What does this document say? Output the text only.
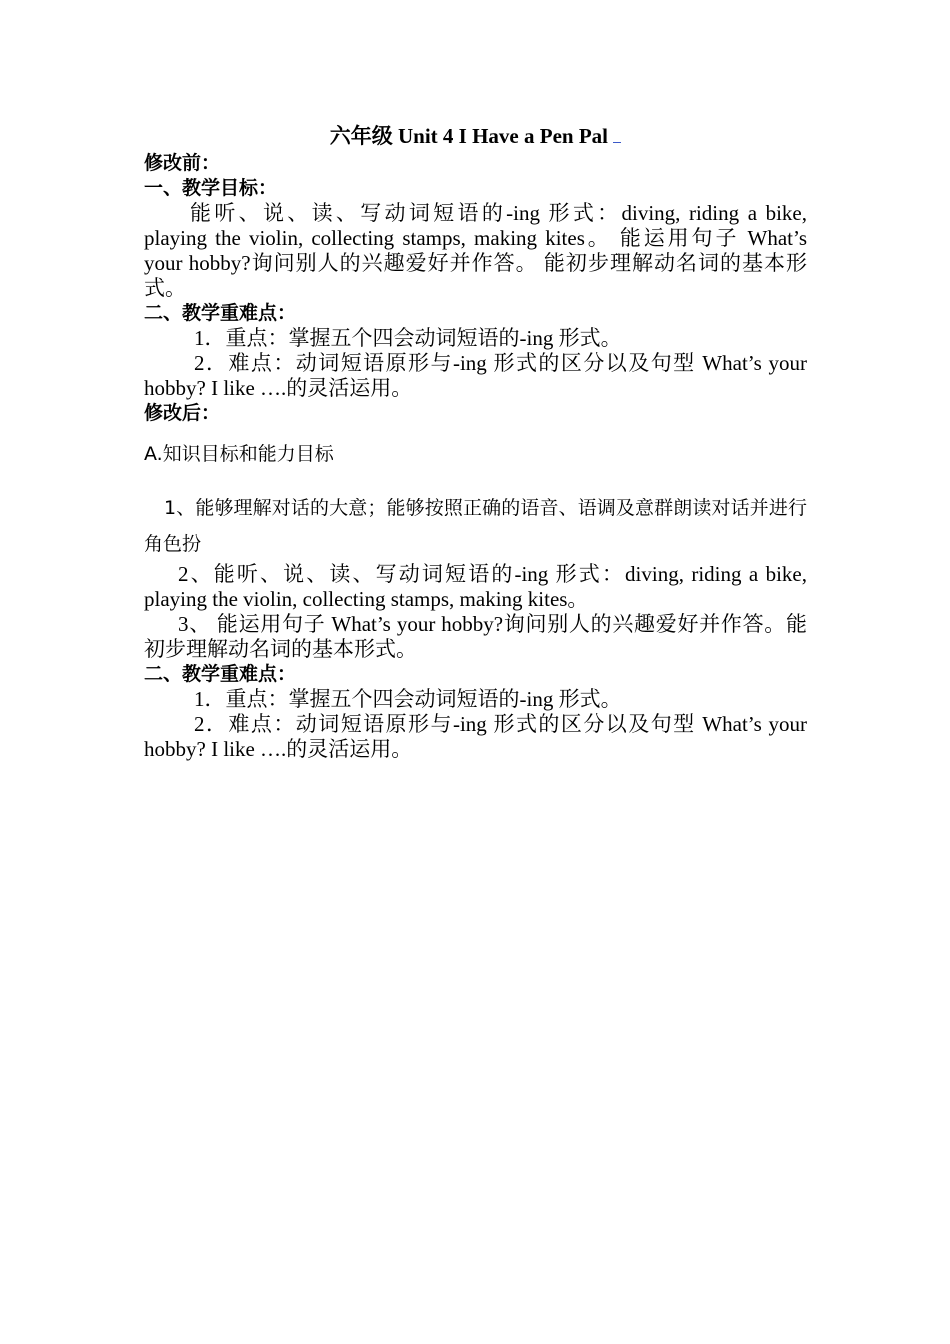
六年级 Unit 4 I Have a Pen Pal
修改前：
一、教学目标：
能听、说、读、写动词短语的-ing 形式：diving, riding a bike, playing the violin, collecting stamps, making kites。 能运用句子 What’s your hobby?询问别人的兴趣爱好并作答。 能初步理解动名词的基本形式。
二、教学重难点：
1．重点：掌握五个四会动词短语的-ing 形式。
2．难点：动词短语原形与-ing 形式的区分以及句型 What’s your hobby? I like ….的灵活运用。
修改后：
A.知识目标和能力目标
1、能够理解对话的大意；能够按照正确的语音、语调及意群朗读对话并进行角色扮
2、能听、说、读、写动词短语的-ing 形式：diving, riding a bike, playing the violin, collecting stamps, making kites。
3、 能运用句子 What’s your hobby?询问别人的兴趣爱好并作答。能初步理解动名词的基本形式。
二、教学重难点：
1．重点：掌握五个四会动词短语的-ing 形式。
2．难点：动词短语原形与-ing 形式的区分以及句型 What’s your hobby? I like ….的灵活运用。
